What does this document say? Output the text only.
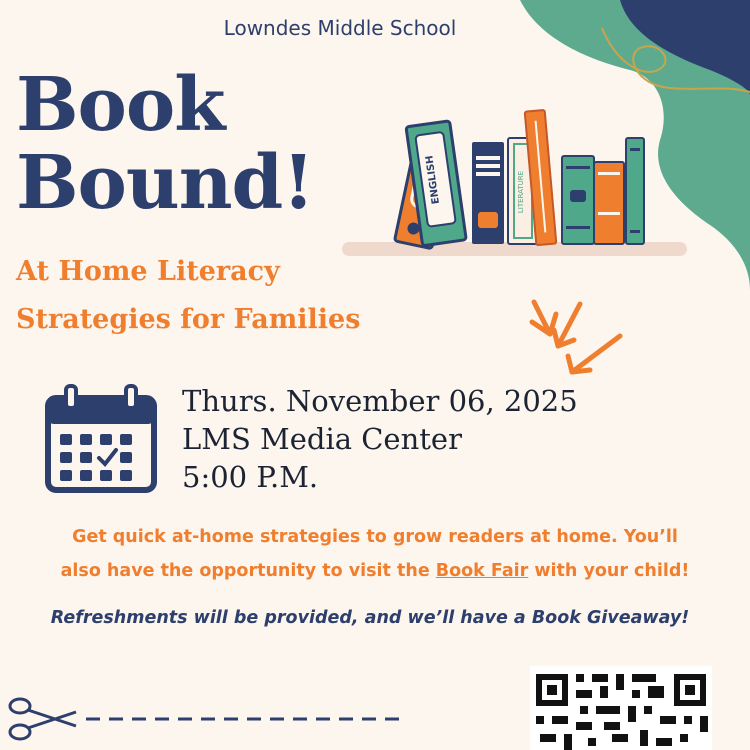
Lowndes Middle School
Book
Bound!
At Home Literacy
Strategies for Families
ENGLISH	LITERATURE
Thurs. November 06, 2025
LMS Media Center
5:00 P.M.
Get quick at-home strategies to grow readers at home. You’ll
also have the opportunity to visit the Book Fair with your child!
Refreshments will be provided, and we’ll have a Book Giveaway!
